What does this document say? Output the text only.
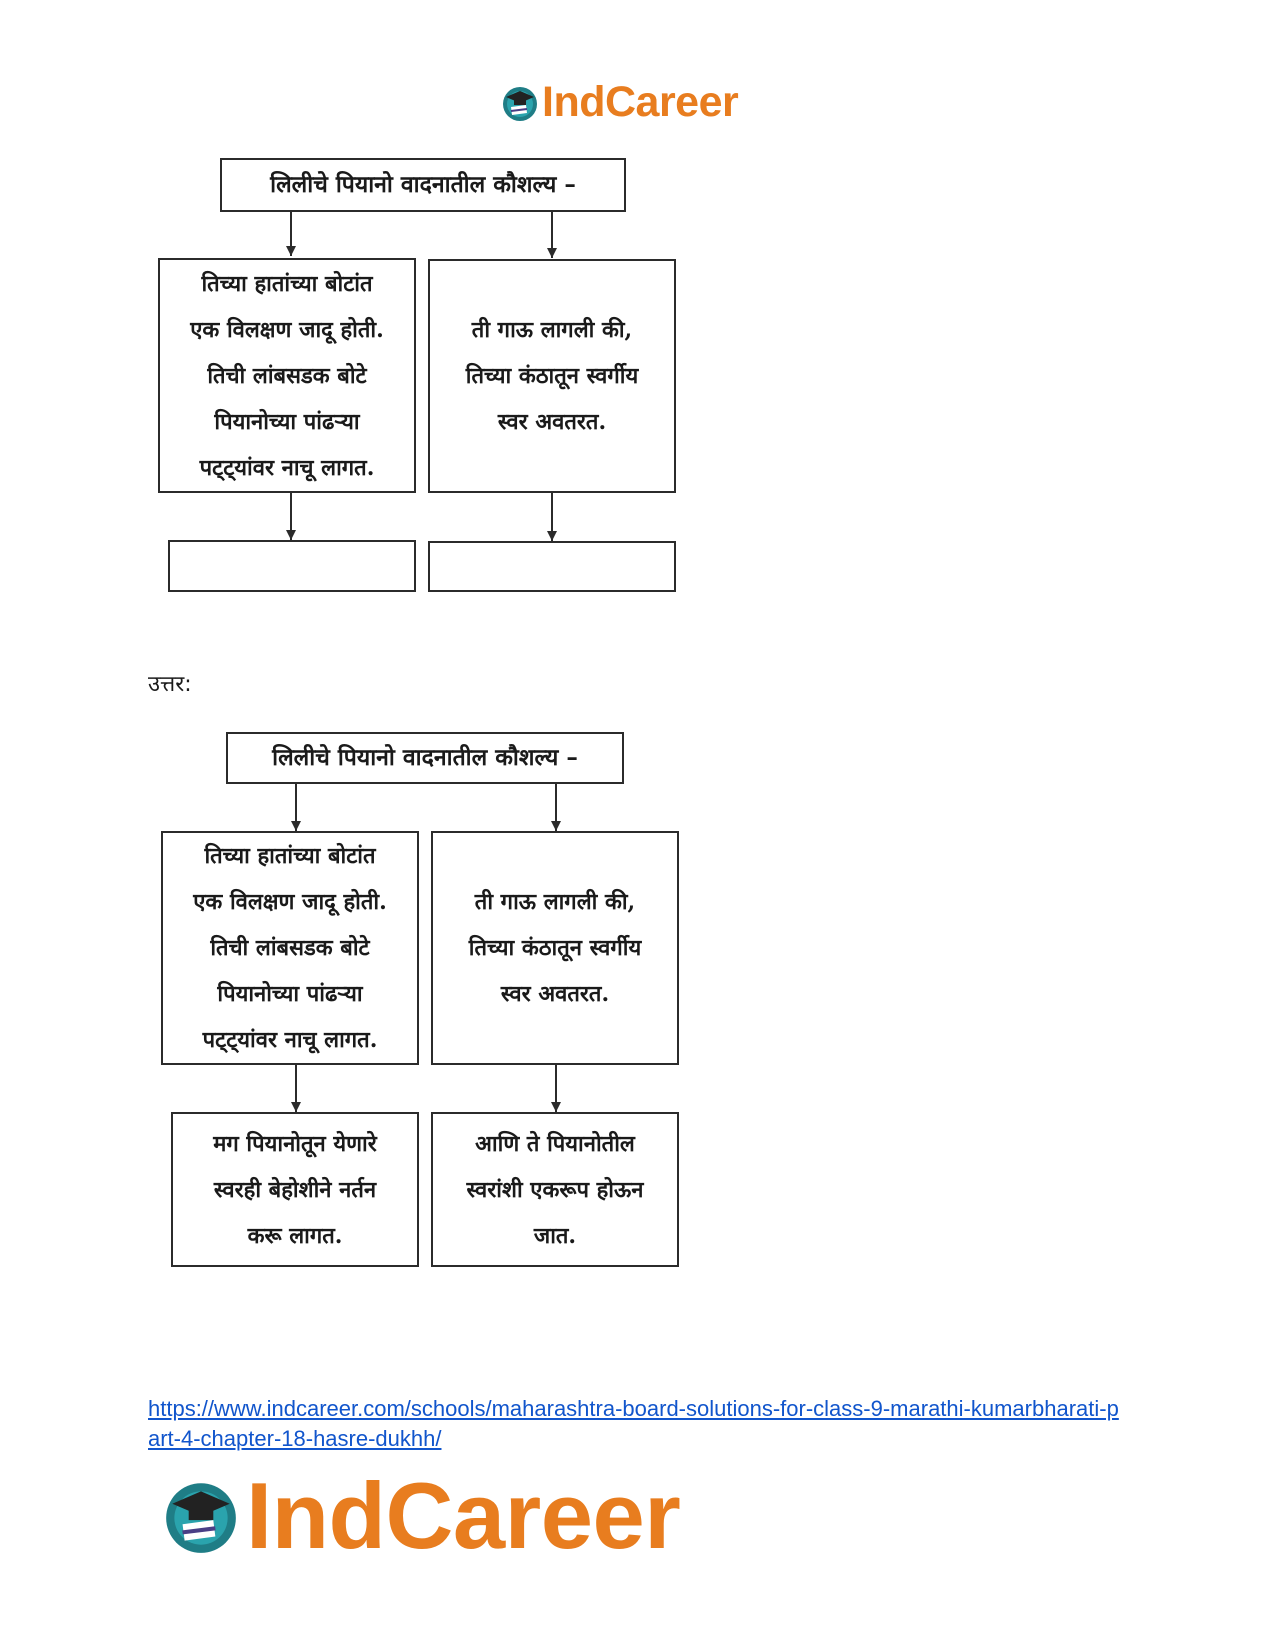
IndCareer
लिलीचे पियानो वादनातील कौशल्य –
तिच्या हातांच्या बोटांत
एक विलक्षण जादू होती.
तिची लांबसडक बोटे
पियानोच्या पांढऱ्या
पट्ट्यांवर नाचू लागत.
ती गाऊ लागली की,
तिच्या कंठातून स्वर्गीय
स्वर अवतरत.
उत्तर:
लिलीचे पियानो वादनातील कौशल्य –
तिच्या हातांच्या बोटांत
एक विलक्षण जादू होती.
तिची लांबसडक बोटे
पियानोच्या पांढऱ्या
पट्ट्यांवर नाचू लागत.
ती गाऊ लागली की,
तिच्या कंठातून स्वर्गीय
स्वर अवतरत.
मग पियानोतून येणारे
स्वरही बेहोशीने नर्तन
करू लागत.
आणि ते पियानोतील
स्वरांशी एकरूप होऊन
जात.
https://www.indcareer.com/schools/maharashtra-board-solutions-for-class-9-marathi-kumarbharati-part-4-chapter-18-hasre-dukhh/
IndCareer
